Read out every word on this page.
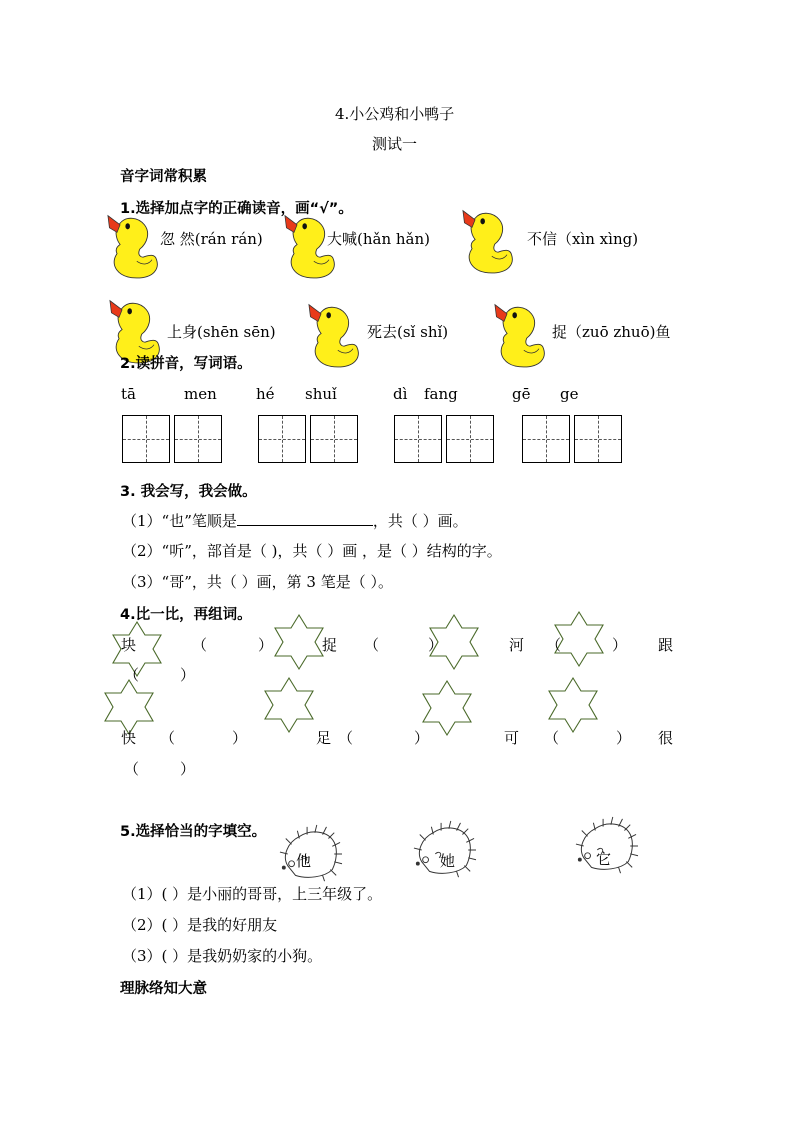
4.小公鸡和小鸭子
测试一
音字词常积累
1.选择加点字的正确读音，画“√”。
忽 然(rán rán)	大喊(hǎn hǎn)	不信（xìn xìng)
上身(shēn sēn)	死去(sǐ shǐ)	捉（zuō zhuō)鱼
2.读拼音，写词语。
tā	men	hé shuǐ	dì fang	gē ge
3. 我会写，我会做。
（1）“也”笔顺是	，共（ ）画。
（2）“听”，部首是（ )，共（ ）画 ，是（ ）结构的字。
（3）“哥”，共（ ）画，第 3 笔是（ ）。
4.比一比，再组词。
块	（	）	捉 （	）	河 （	） 跟
（	）
快 （	）	足 （	）	可 （	） 很
（	）
5.选择恰当的字填空。
他	她	它
（1）( ）是小丽的哥哥，上三年级了。
（2）( ）是我的好朋友
（3）( ）是我奶奶家的小狗。
理脉络知大意
